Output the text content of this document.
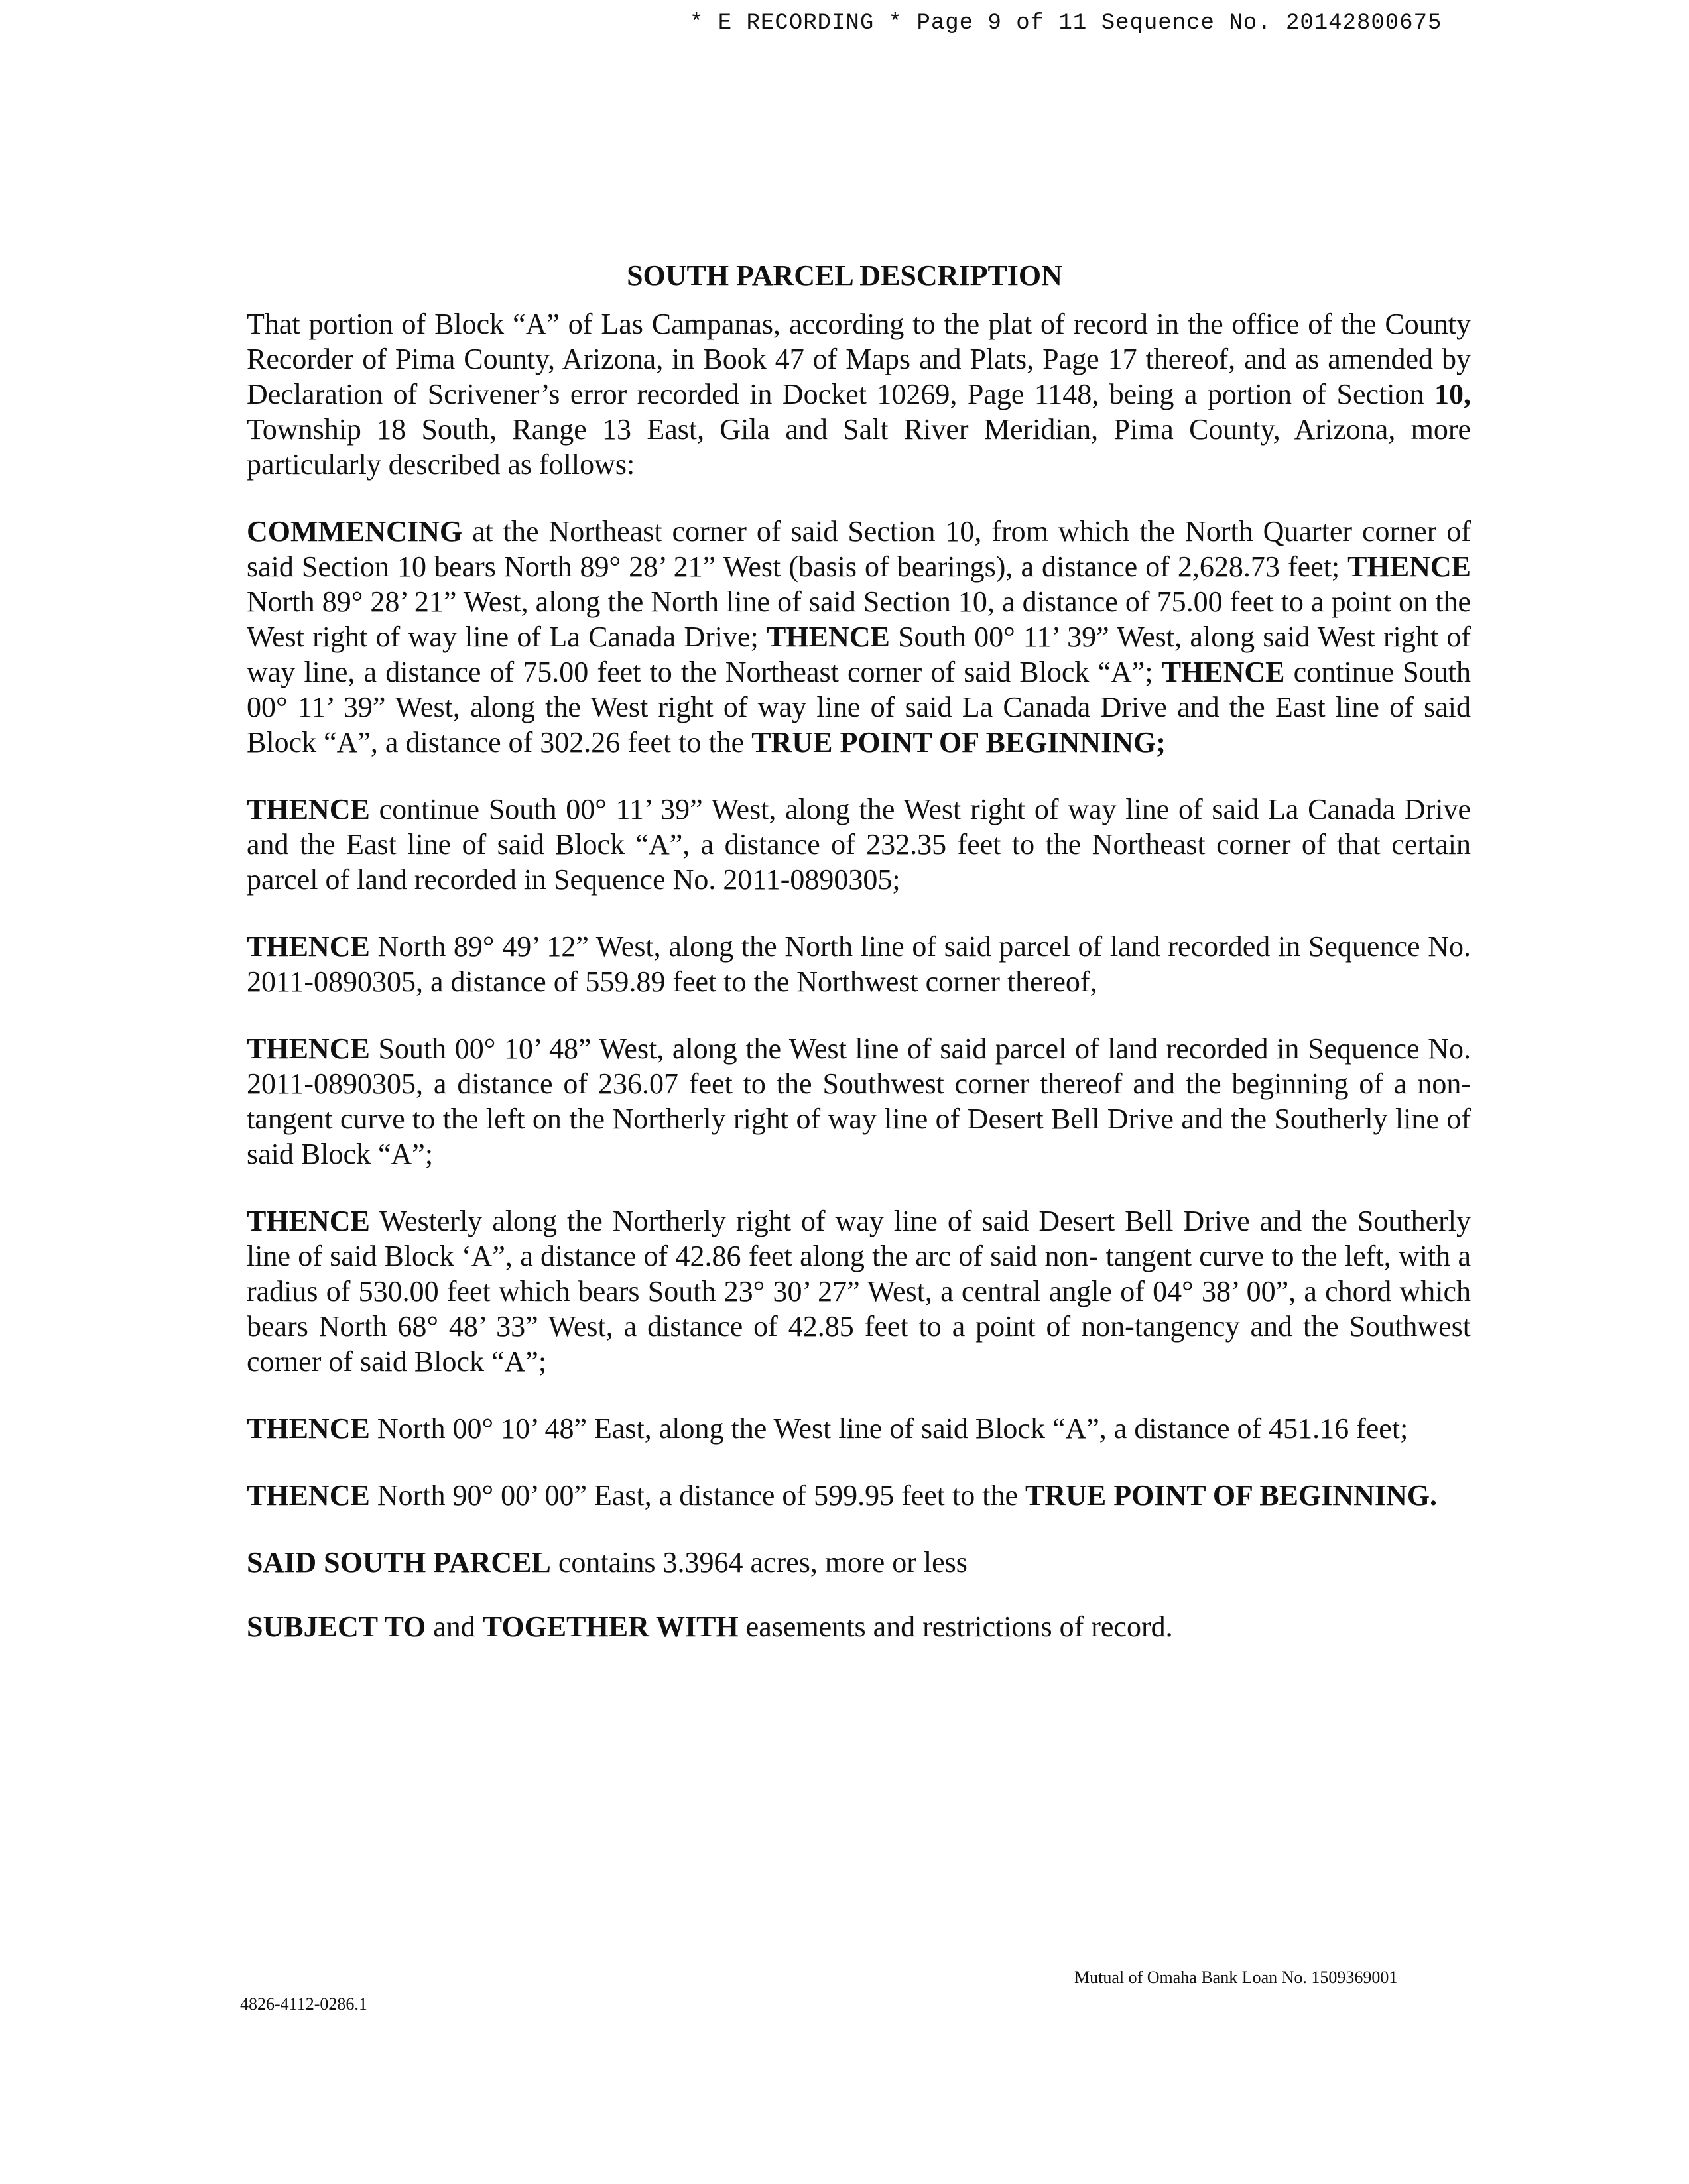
* E RECORDING * Page 9 of 11 Sequence No. 20142800675
SOUTH PARCEL DESCRIPTION

That portion of Block “A” of Las Campanas, according to the plat of record in the office of the County Recorder of Pima County, Arizona, in Book 47 of Maps and Plats, Page 17 thereof, and as amended by Declaration of Scrivener’s error recorded in Docket 10269, Page 1148, being a portion of Section 10, Township 18 South, Range 13 East, Gila and Salt River Meridian, Pima County, Arizona, more particularly described as follows:

COMMENCING at the Northeast corner of said Section 10, from which the North Quarter corner of said Section 10 bears North 89° 28’ 21” West (basis of bearings), a distance of 2,628.73 feet; THENCE North 89° 28’ 21” West, along the North line of said Section 10, a distance of 75.00 feet to a point on the West right of way line of La Canada Drive; THENCE South 00° 11’ 39” West, along said West right of way line, a distance of 75.00 feet to the Northeast corner of said Block “A”; THENCE continue South 00° 11’ 39” West, along the West right of way line of said La Canada Drive and the East line of said Block “A”, a distance of 302.26 feet to the TRUE POINT OF BEGINNING;

THENCE continue South 00° 11’ 39” West, along the West right of way line of said La Canada Drive and the East line of said Block “A”, a distance of 232.35 feet to the Northeast corner of that certain parcel of land recorded in Sequence No. 2011-0890305;

THENCE North 89° 49’ 12” West, along the North line of said parcel of land recorded in Sequence No. 2011-0890305, a distance of 559.89 feet to the Northwest corner thereof,

THENCE South 00° 10’ 48” West, along the West line of said parcel of land recorded in Sequence No. 2011-0890305, a distance of 236.07 feet to the Southwest corner thereof and the beginning of a non-tangent curve to the left on the Northerly right of way line of Desert Bell Drive and the Southerly line of said Block “A”;

THENCE Westerly along the Northerly right of way line of said Desert Bell Drive and the Southerly line of said Block ‘A”, a distance of 42.86 feet along the arc of said non- tangent curve to the left, with a radius of 530.00 feet which bears South 23° 30’ 27” West, a central angle of 04° 38’ 00”, a chord which bears North 68° 48’ 33” West, a distance of 42.85 feet to a point of non-tangency and the Southwest corner of said Block “A”;

THENCE North 00° 10’ 48” East, along the West line of said Block “A”, a distance of 451.16 feet;

THENCE North 90° 00’ 00” East, a distance of 599.95 feet to the TRUE POINT OF BEGINNING.

SAID SOUTH PARCEL contains 3.3964 acres, more or less

SUBJECT TO and TOGETHER WITH easements and restrictions of record.

Mutual of Omaha Bank Loan No. 1509369001
4826-4112-0286.1
